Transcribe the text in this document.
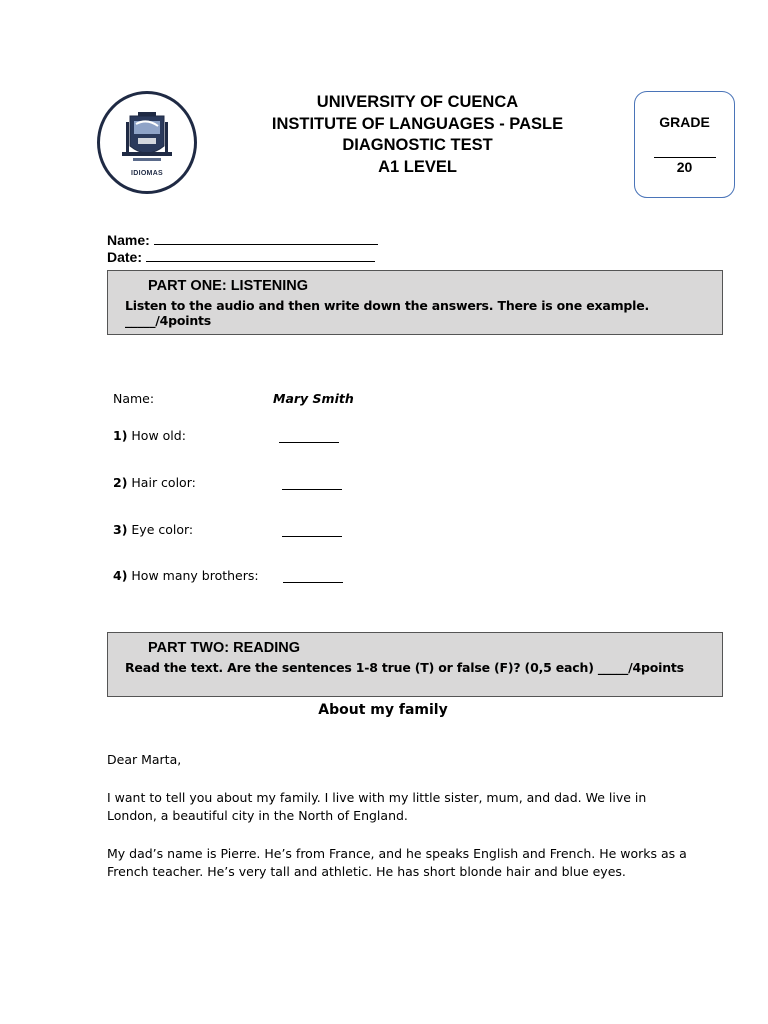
IDIOMAS
UNIVERSITY OF CUENCA
INSTITUTE OF LANGUAGES - PASLE
DIAGNOSTIC TEST
A1 LEVEL
GRADE
20
Name:
Date:
PART ONE: LISTENING
Listen to the audio and then write down the answers. There is one example. _____/4points
Name:	Mary Smith
1) How old:
2) Hair color:
3) Eye color:
4) How many brothers:
PART TWO: READING
Read the text. Are the sentences 1-8 true (T) or false (F)? (0,5 each) _____/4points
About my family
Dear Marta,
I want to tell you about my family. I live with my little sister, mum, and dad. We live in London, a beautiful city in the North of England.
My dad’s name is Pierre. He’s from France, and he speaks English and French. He works as a French teacher. He’s very tall and athletic. He has short blonde hair and blue eyes.
